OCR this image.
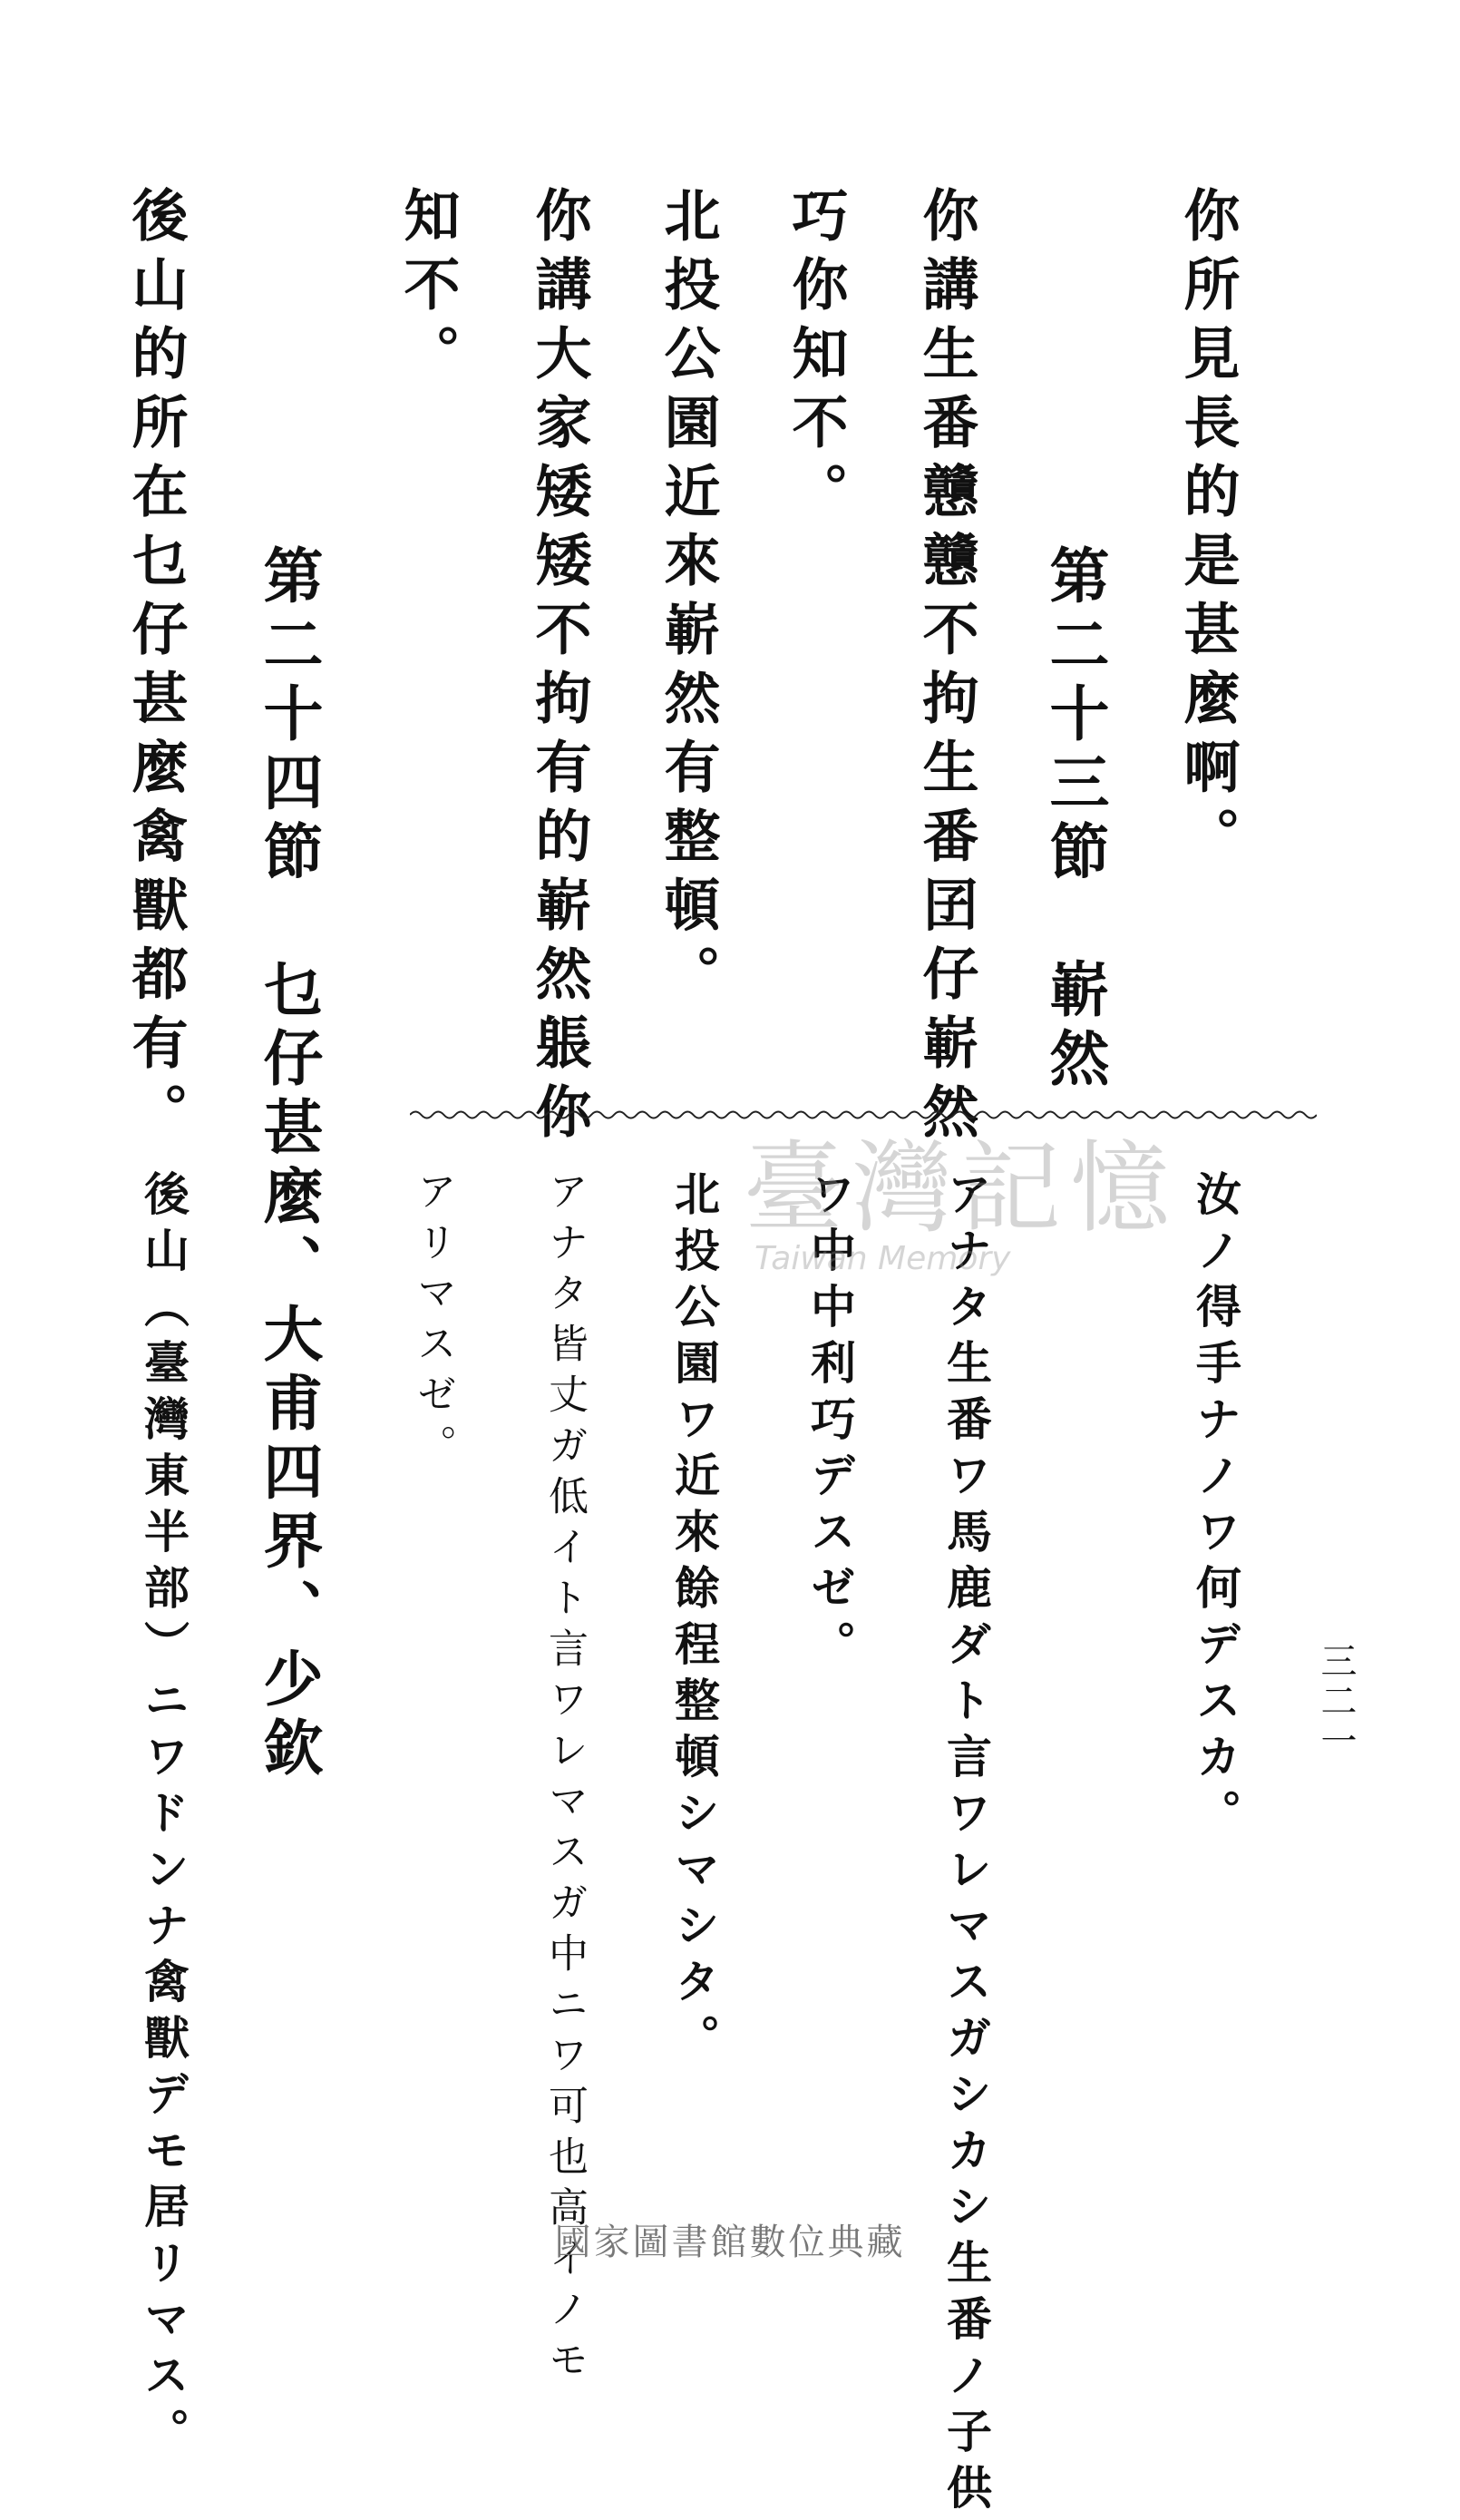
你所見長的是甚麼啊。
第二十三節　嶄然
你講生番戇戇不拘生番囝仔嶄然
巧你知不。
北投公園近來嶄然有整頓。
你講大家矮矮不拘有的嶄然躼你
知不。
第二十四節　乜仔甚麼、大甫四界、少欽
後山的所在乜仔甚麼禽獸都有。
汝ノ得手ナノワ何デスカ。
アナタ生番ワ馬鹿ダト言ワレマスガシカシ生番ノ子供
ワ中中利巧デスゼ。
北投公園ワ近來餘程整頓シマシタ。
アナタ皆丈ガ低イト言ワレマスガ中ニワ可也高イノモ
アリマスゼ。
後山（臺灣東半部）ニワドンナ禽獸デモ居リマス。	三二一
臺灣記憶
Taiwan Memory
國家圖書館數位典藏
